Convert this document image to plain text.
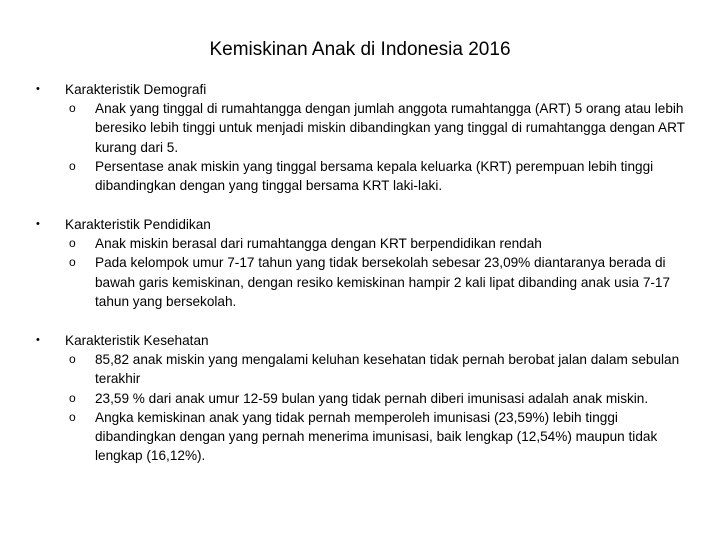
Kemiskinan Anak di Indonesia 2016
• Karakteristik Demografi
o Anak yang tinggal di rumahtangga dengan jumlah anggota rumahtangga (ART) 5 orang atau lebih beresiko lebih tinggi untuk menjadi miskin dibandingkan yang tinggal di rumahtangga dengan ART kurang dari 5.
o Persentase anak miskin yang tinggal bersama kepala keluarka (KRT) perempuan lebih tinggi dibandingkan dengan yang tinggal bersama KRT laki-laki.
• Karakteristik Pendidikan
o Anak miskin berasal dari rumahtangga dengan KRT berpendidikan rendah
o Pada kelompok umur 7-17 tahun yang tidak bersekolah sebesar 23,09% diantaranya berada di bawah garis kemiskinan, dengan resiko kemiskinan hampir 2 kali lipat dibanding anak usia 7-17 tahun yang bersekolah.
• Karakteristik Kesehatan
o 85,82 anak miskin yang mengalami keluhan kesehatan tidak pernah berobat jalan dalam sebulan terakhir
o 23,59 % dari anak umur 12-59 bulan yang tidak pernah diberi imunisasi adalah anak miskin.
o Angka kemiskinan anak yang tidak pernah memperoleh imunisasi (23,59%) lebih tinggi dibandingkan dengan yang pernah menerima imunisasi, baik lengkap (12,54%) maupun tidak lengkap (16,12%).
